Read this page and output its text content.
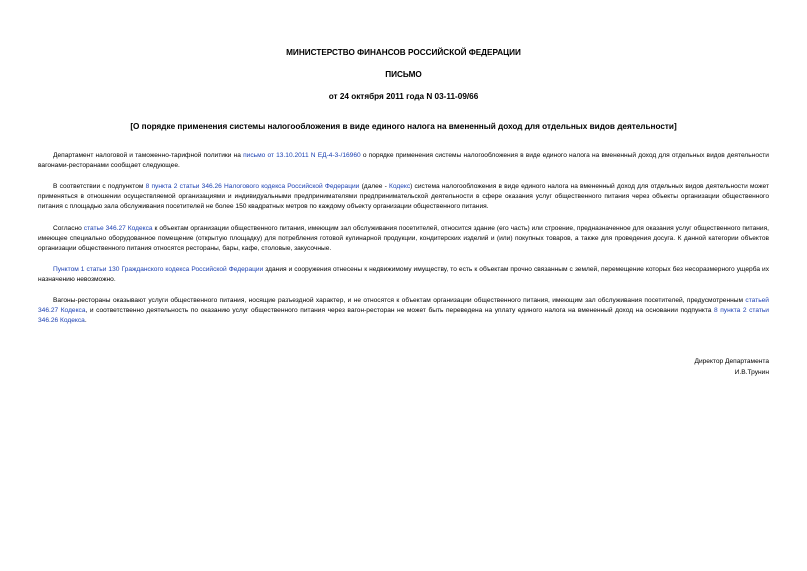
МИНИСТЕРСТВО ФИНАНСОВ РОССИЙСКОЙ ФЕДЕРАЦИИ

ПИСЬМО

от 24 октября 2011 года N 03-11-09/66

[О порядке применения системы налогообложения в виде единого налога на вмененный доход для отдельных видов деятельности]

Департамент налоговой и таможенно-тарифной политики на письмо от 13.10.2011 N ЕД-4-3-/16960 о порядке применения системы налогообложения в виде единого налога на вмененный доход для отдельных видов деятельности вагонами-ресторанами сообщает следующее.

В соответствии с подпунктом 8 пункта 2 статьи 346.26 Налогового кодекса Российской Федерации (далее - Кодекс) система налогообложения в виде единого налога на вмененный доход для отдельных видов деятельности может применяться в отношении осуществляемой организациями и индивидуальными предпринимателями предпринимательской деятельности в сфере оказания услуг общественного питания через объекты организации общественного питания с площадью зала обслуживания посетителей не более 150 квадратных метров по каждому объекту организации общественного питания.

Согласно статье 346.27 Кодекса к объектам организации общественного питания, имеющим зал обслуживания посетителей, относится здание (его часть) или строение, предназначенное для оказания услуг общественного питания, имеющее специально оборудованное помещение (открытую площадку) для потребления готовой кулинарной продукции, кондитерских изделий и (или) покупных товаров, а также для проведения досуга. К данной категории объектов организации общественного питания относятся рестораны, бары, кафе, столовые, закусочные.

Пунктом 1 статьи 130 Гражданского кодекса Российской Федерации здания и сооружения отнесены к недвижимому имуществу, то есть к объектам прочно связанным с землей, перемещение которых без несоразмерного ущерба их назначению невозможно.

Вагоны-рестораны оказывают услуги общественного питания, носящие разъездной характер, и не относятся к объектам организации общественного питания, имеющим зал обслуживания посетителей, предусмотренным статьей 346.27 Кодекса, и соответственно деятельность по оказанию услуг общественного питания через вагон-ресторан не может быть переведена на уплату единого налога на вмененный доход на основании подпункта 8 пункта 2 статьи 346.26 Кодекса.

Директор Департамента
И.В.Трунин
